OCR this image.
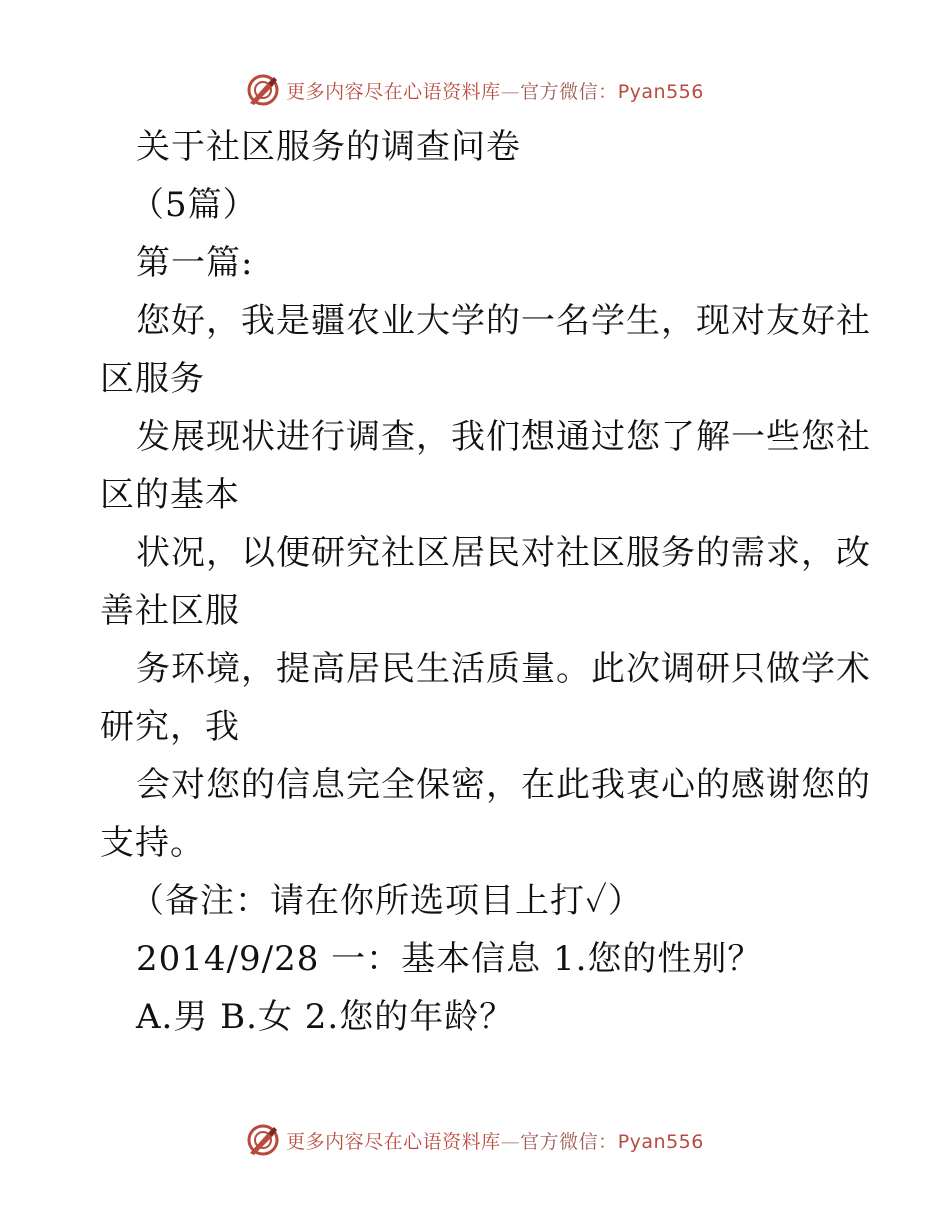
更多内容尽在心语资料库—官方微信：Pyan556
关于社区服务的调查问卷
（5篇）
第一篇:
您好，我是疆农业大学的一名学生，现对友好社
区服务
发展现状进行调查，我们想通过您了解一些您社
区的基本
状况，以便研究社区居民对社区服务的需求，改
善社区服
务环境，提高居民生活质量。此次调研只做学术
研究，我
会对您的信息完全保密，在此我衷心的感谢您的
支持。
（备注：请在你所选项目上打✓）
2014/9/28 一：基本信息 1.您的性别？
A.男 B.女 2.您的年龄？
更多内容尽在心语资料库—官方微信：Pyan556
